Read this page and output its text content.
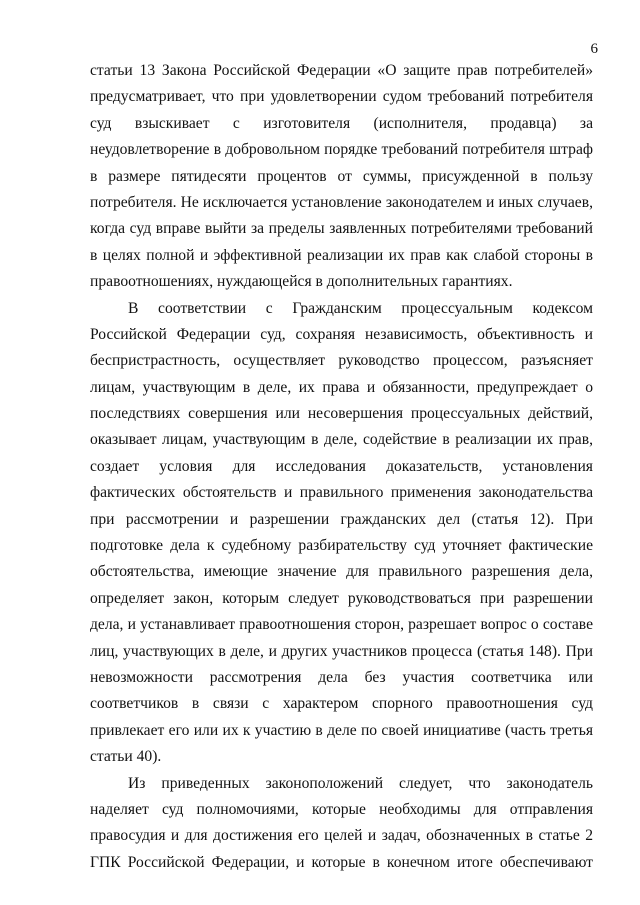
6
статьи 13 Закона Российской Федерации «О защите прав потребителей»
предусматривает, что при удовлетворении судом требований потребителя
суд взыскивает с изготовителя (исполнителя, продавца) за
неудовлетворение в добровольном порядке требований потребителя штраф
в размере пятидесяти процентов от суммы, присужденной в пользу
потребителя. Не исключается установление законодателем и иных случаев,
когда суд вправе выйти за пределы заявленных потребителями требований
в целях полной и эффективной реализации их прав как слабой стороны в
правоотношениях, нуждающейся в дополнительных гарантиях.
В соответствии с Гражданским процессуальным кодексом
Российской Федерации суд, сохраняя независимость, объективность и
беспристрастность, осуществляет руководство процессом, разъясняет
лицам, участвующим в деле, их права и обязанности, предупреждает о
последствиях совершения или несовершения процессуальных действий,
оказывает лицам, участвующим в деле, содействие в реализации их прав,
создает условия для исследования доказательств, установления
фактических обстоятельств и правильного применения законодательства
при рассмотрении и разрешении гражданских дел (статья 12). При
подготовке дела к судебному разбирательству суд уточняет фактические
обстоятельства, имеющие значение для правильного разрешения дела,
определяет закон, которым следует руководствоваться при разрешении
дела, и устанавливает правоотношения сторон, разрешает вопрос о составе
лиц, участвующих в деле, и других участников процесса (статья 148). При
невозможности рассмотрения дела без участия соответчика или
соответчиков в связи с характером спорного правоотношения суд
привлекает его или их к участию в деле по своей инициативе (часть третья
статьи 40).
Из приведенных законоположений следует, что законодатель
наделяет суд полномочиями, которые необходимы для отправления
правосудия и для достижения его целей и задач, обозначенных в статье 2
ГПК Российской Федерации, и которые в конечном итоге обеспечивают
